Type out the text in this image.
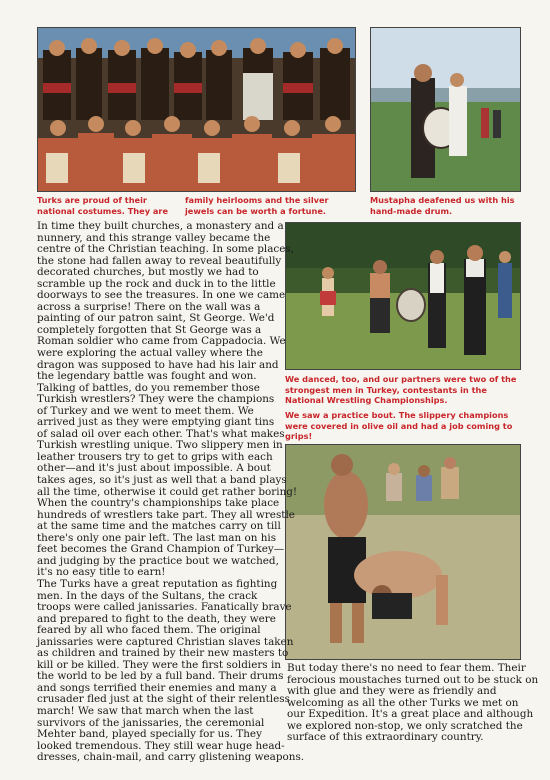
Turks are proud of their
national costumes. They are
family heirlooms and the silver
jewels can be worth a fortune.
Mustapha deafened us with his
hand-made drum.
We danced, too, and our partners were two of the
strongest men in Turkey, contestants in the
National Wrestling Championships.
We saw a practice bout. The slippery champions
were covered in olive oil and had a job coming to
grips!
In time they built churches, a monastery and a
nunnery, and this strange valley became the
centre of the Christian teaching. In some places,
the stone had fallen away to reveal beautifully
decorated churches, but mostly we had to
scramble up the rock and duck in to the little
doorways to see the treasures. In one we came
across a surprise! There on the wall was a
painting of our patron saint, St George. We'd
completely forgotten that St George was a
Roman soldier who came from Cappadocia. We
were exploring the actual valley where the
dragon was supposed to have had his lair and
the legendary battle was fought and won.
Talking of battles, do you remember those
Turkish wrestlers? They were the champions
of Turkey and we went to meet them. We
arrived just as they were emptying giant tins
of salad oil over each other. That's what makes
Turkish wrestling unique. Two slippery men in
leather trousers try to get to grips with each
other—and it's just about impossible. A bout
takes ages, so it's just as well that a band plays
all the time, otherwise it could get rather boring!
When the country's championships take place
hundreds of wrestlers take part. They all wrestle
at the same time and the matches carry on till
there's only one pair left. The last man on his
feet becomes the Grand Champion of Turkey—
and judging by the practice bout we watched,
it's no easy title to earn!
The Turks have a great reputation as fighting
men. In the days of the Sultans, the crack
troops were called janissaries. Fanatically brave
and prepared to fight to the death, they were
feared by all who faced them. The original
janissaries were captured Christian slaves taken
as children and trained by their new masters to
kill or be killed. They were the first soldiers in
the world to be led by a full band. Their drums
and songs terrified their enemies and many a
crusader fled just at the sight of their relentless
march! We saw that march when the last
survivors of the janissaries, the ceremonial
Mehter band, played specially for us. They
looked tremendous. They still wear huge head-
dresses, chain-mail, and carry glistening weapons.
But today there's no need to fear them. Their
ferocious moustaches turned out to be stuck on
with glue and they were as friendly and
welcoming as all the other Turks we met on
our Expedition. It's a great place and although
we explored non-stop, we only scratched the
surface of this extraordinary country.
